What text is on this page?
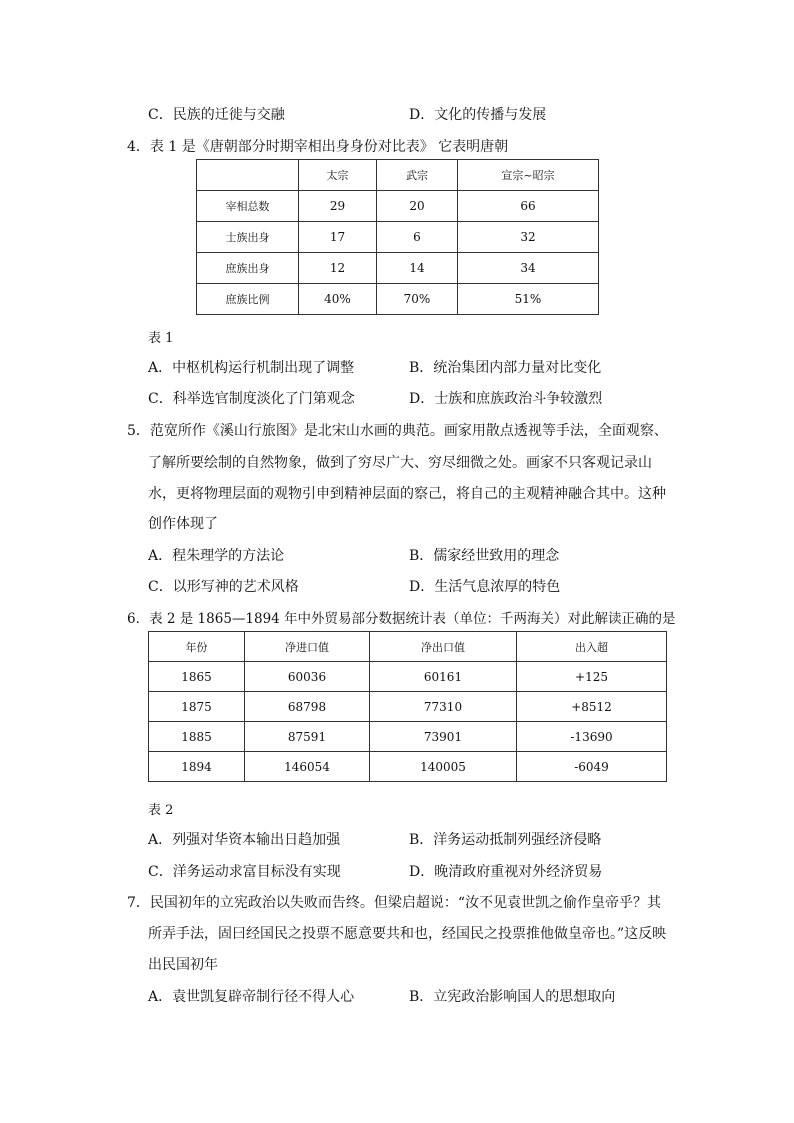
C．民族的迁徙与交融	D．文化的传播与发展
4．表 1 是《唐朝部分时期宰相出身身份对比表》 它表明唐朝
	太宗	武宗	宣宗~昭宗
宰相总数	29	20	66
士族出身	17	6	32
庶族出身	12	14	34
庶族比例	40%	70%	51%
表 1
A．中枢机构运行机制出现了调整	B．统治集团内部力量对比变化
C．科举选官制度淡化了门第观念	D．士族和庶族政治斗争较激烈
5．范宽所作《溪山行旅图》是北宋山水画的典范。画家用散点透视等手法，全面观察、
了解所要绘制的自然物象，做到了穷尽广大、穷尽细微之处。画家不只客观记录山
水，更将物理层面的观物引申到精神层面的察己，将自己的主观精神融合其中。这种
创作体现了
A．程朱理学的方法论	B．儒家经世致用的理念
C．以形写神的艺术风格	D．生活气息浓厚的特色
6．表 2 是 1865—1894 年中外贸易部分数据统计表（单位：千两海关）对此解读正确的是
年份	净进口值	净出口值	出入超
1865	60036	60161	+125
1875	68798	77310	+8512
1885	87591	73901	-13690
1894	146054	140005	-6049
表 2
A．列强对华资本输出日趋加强	B．洋务运动抵制列强经济侵略
C．洋务运动求富目标没有实现	D．晚清政府重视对外经济贸易
7．民国初年的立宪政治以失败而告终。但梁启超说：“汝不见袁世凯之偷作皇帝乎？其
所弄手法，固曰经国民之投票不愿意要共和也，经国民之投票推他做皇帝也。”这反映
出民国初年
A．袁世凯复辟帝制行径不得人心	B．立宪政治影响国人的思想取向
